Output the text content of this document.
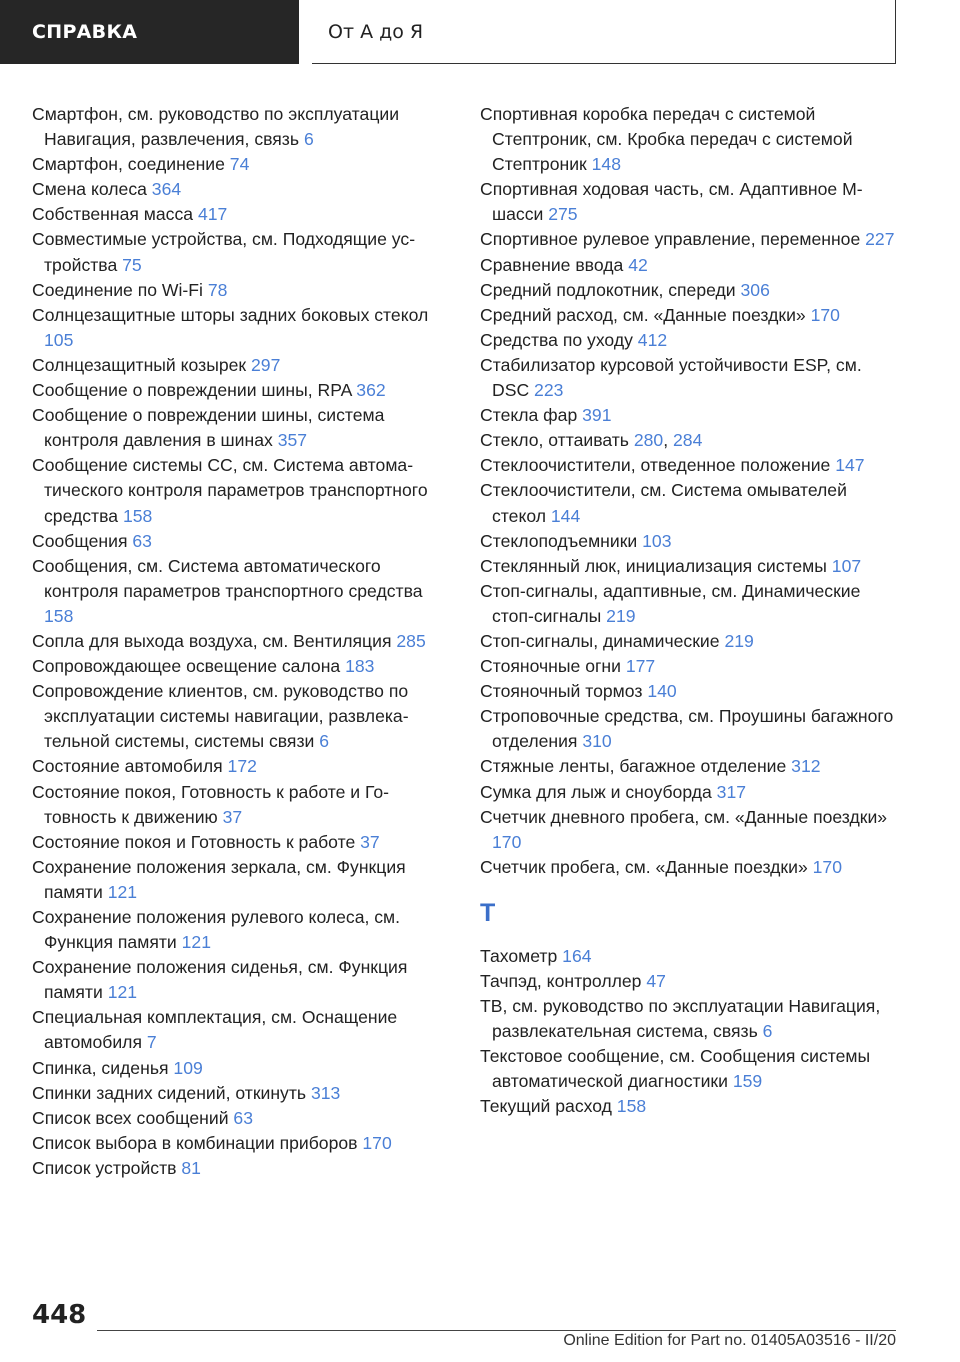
СПРАВКА	От А до Я
Смартфон, см. руководство по эксплуатации Навигация, развлечения, связь 6
Смартфон, соединение 74
Смена колеса 364
Собственная масса 417
Совместимые устройства, см. Подходящие устройства 75
Соединение по Wi‑Fi 78
Солнцезащитные шторы задних боковых стекол 105
Солнцезащитный козырек 297
Сообщение о повреждении шины, RPA 362
Сообщение о повреждении шины, система контроля давления в шинах 357
Сообщение системы CC, см. Система автоматического контроля параметров транспортного средства 158
Сообщения 63
Сообщения, см. Система автоматического контроля параметров транспортного средства 158
Сопла для выхода воздуха, см. Вентиляция 285
Сопровождающее освещение салона 183
Сопровождение клиентов, см. руководство по эксплуатации системы навигации, развлекательной системы, системы связи 6
Состояние автомобиля 172
Состояние покоя, Готовность к работе и Готовность к движению 37
Состояние покоя и Готовность к работе 37
Сохранение положения зеркала, см. Функция памяти 121
Сохранение положения рулевого колеса, см. Функция памяти 121
Сохранение положения сиденья, см. Функция памяти 121
Специальная комплектация, см. Оснащение автомобиля 7
Спинка, сиденья 109
Спинки задних сидений, откинуть 313
Список всех сообщений 63
Список выбора в комбинации приборов 170
Список устройств 81
Спортивная коробка передач с системой Стептроник, см. Кробка передач с системой Стептроник 148
Спортивная ходовая часть, см. Адаптивное M-шасси 275
Спортивное рулевое управление, переменное 227
Сравнение ввода 42
Средний подлокотник, спереди 306
Средний расход, см. «Данные поездки» 170
Средства по уходу 412
Стабилизатор курсовой устойчивости ESP, см. DSC 223
Стекла фар 391
Стекло, оттаивать 280, 284
Стеклоочистители, отведенное положение 147
Стеклоочистители, см. Система омывателей стекол 144
Стеклоподъемники 103
Стеклянный люк, инициализация системы 107
Стоп-сигналы, адаптивные, см. Динамические стоп-сигналы 219
Стоп-сигналы, динамические 219
Стояночные огни 177
Стояночный тормоз 140
Строповочные средства, см. Проушины багажного отделения 310
Стяжные ленты, багажное отделение 312
Сумка для лыж и сноуборда 317
Счетчик дневного пробега, см. «Данные поездки» 170
Счетчик пробега, см. «Данные поездки» 170
Т
Тахометр 164
Тачпэд, контроллер 47
ТВ, см. руководство по эксплуатации Навигация, развлекательная система, связь 6
Текстовое сообщение, см. Сообщения системы автоматической диагностики 159
Текущий расход 158
448
Online Edition for Part no. 01405A03516 - II/20
